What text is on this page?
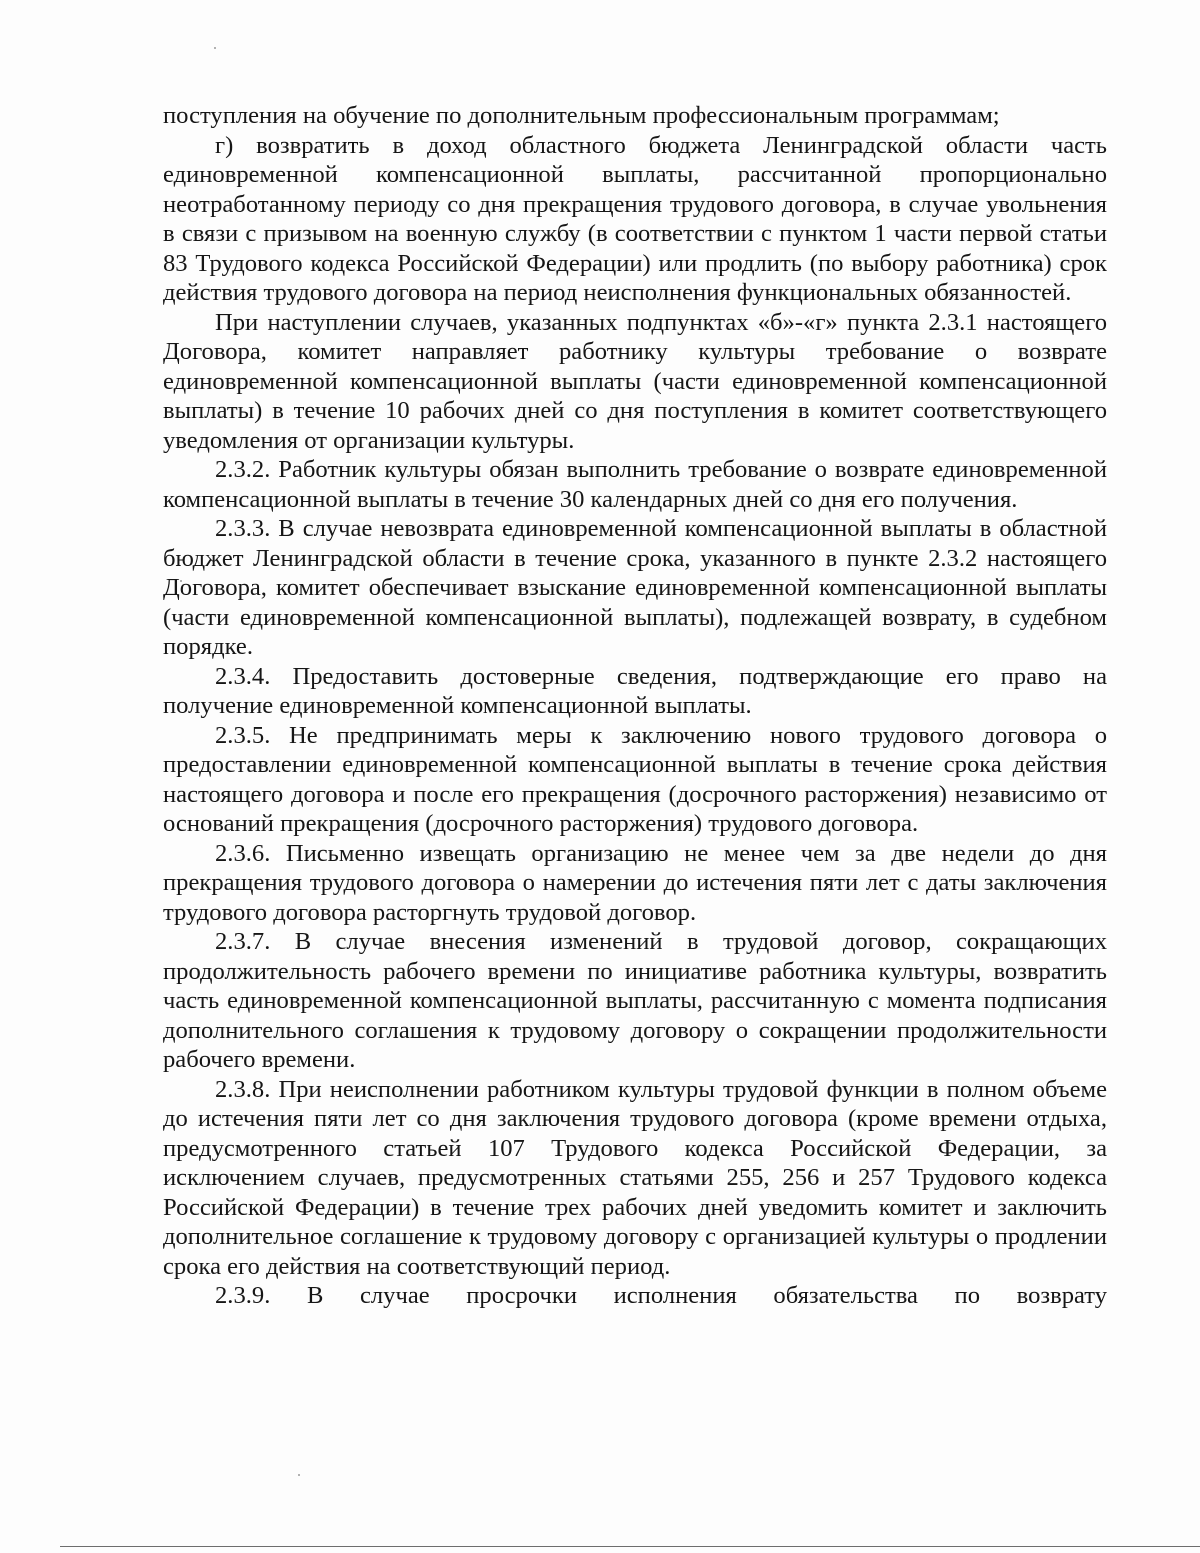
поступления на обучение по дополнительным профессиональным программам;

г) возвратить в доход областного бюджета Ленинградской области часть единовременной компенсационной выплаты, рассчитанной пропорционально неотработанному периоду со дня прекращения трудового договора, в случае увольнения в связи с призывом на военную службу (в соответствии с пунктом 1 части первой статьи 83 Трудового кодекса Российской Федерации) или продлить (по выбору работника) срок действия трудового договора на период неисполнения функциональных обязанностей.

При наступлении случаев, указанных подпунктах «б»-«г» пункта 2.3.1 настоящего Договора, комитет направляет работнику культуры требование о возврате единовременной компенсационной выплаты (части единовременной компенсационной выплаты) в течение 10 рабочих дней со дня поступления в комитет соответствующего уведомления от организации культуры.

2.3.2. Работник культуры обязан выполнить требование о возврате единовременной компенсационной выплаты в течение 30 календарных дней со дня его получения.

2.3.3. В случае невозврата единовременной компенсационной выплаты в областной бюджет Ленинградской области в течение срока, указанного в пункте 2.3.2 настоящего Договора, комитет обеспечивает взыскание единовременной компенсационной выплаты (части единовременной компенсационной выплаты), подлежащей возврату, в судебном порядке.

2.3.4. Предоставить достоверные сведения, подтверждающие его право на получение единовременной компенсационной выплаты.

2.3.5. Не предпринимать меры к заключению нового трудового договора о предоставлении единовременной компенсационной выплаты в течение срока действия настоящего договора и после его прекращения (досрочного расторжения) независимо от оснований прекращения (досрочного расторжения) трудового договора.

2.3.6. Письменно извещать организацию не менее чем за две недели до дня прекращения трудового договора о намерении до истечения пяти лет с даты заключения трудового договора расторгнуть трудовой договор.

2.3.7. В случае внесения изменений в трудовой договор, сокращающих продолжительность рабочего времени по инициативе работника культуры, возвратить часть единовременной компенсационной выплаты, рассчитанную с момента подписания дополнительного соглашения к трудовому договору о сокращении продолжительности рабочего времени.

2.3.8. При неисполнении работником культуры трудовой функции в полном объеме до истечения пяти лет со дня заключения трудового договора (кроме времени отдыха, предусмотренного статьей 107 Трудового кодекса Российской Федерации, за исключением случаев, предусмотренных статьями 255, 256 и 257 Трудового кодекса Российской Федерации) в течение трех рабочих дней уведомить комитет и заключить дополнительное соглашение к трудовому договору с организацией культуры о продлении срока его действия на соответствующий период.

2.3.9. В случае просрочки исполнения обязательства по возврату
